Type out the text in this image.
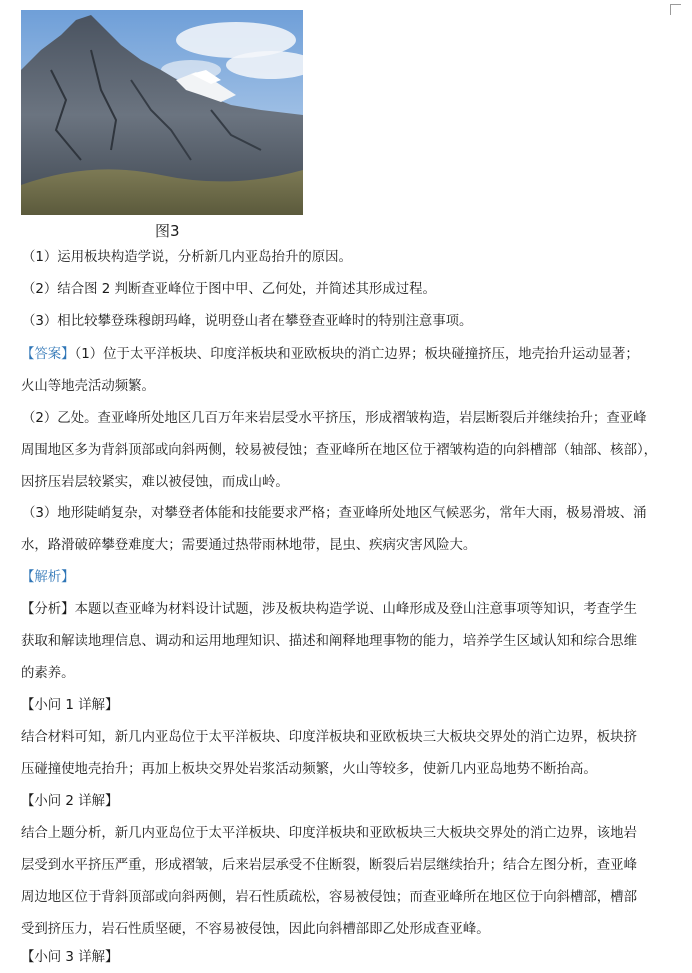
图3
（1）运用板块构造学说，分析新几内亚岛抬升的原因。
（2）结合图 2 判断查亚峰位于图中甲、乙何处，并简述其形成过程。
（3）相比较攀登珠穆朗玛峰，说明登山者在攀登查亚峰时的特别注意事项。
【答案】（1）位于太平洋板块、印度洋板块和亚欧板块的消亡边界；板块碰撞挤压，地壳抬升运动显著；
火山等地壳活动频繁。
（2）乙处。查亚峰所处地区几百万年来岩层受水平挤压，形成褶皱构造，岩层断裂后并继续抬升；查亚峰
周围地区多为背斜顶部或向斜两侧，较易被侵蚀；查亚峰所在地区位于褶皱构造的向斜槽部（轴部、核部），
因挤压岩层较紧实，难以被侵蚀，而成山岭。
（3）地形陡峭复杂，对攀登者体能和技能要求严格；查亚峰所处地区气候恶劣，常年大雨，极易滑坡、涌
水，路滑破碎攀登难度大；需要通过热带雨林地带，昆虫、疾病灾害风险大。
【解析】
【分析】本题以查亚峰为材料设计试题，涉及板块构造学说、山峰形成及登山注意事项等知识，考查学生
获取和解读地理信息、调动和运用地理知识、描述和阐释地理事物的能力，培养学生区域认知和综合思维
的素养。
【小问 1 详解】
结合材料可知，新几内亚岛位于太平洋板块、印度洋板块和亚欧板块三大板块交界处的消亡边界，板块挤
压碰撞使地壳抬升；再加上板块交界处岩浆活动频繁，火山等较多，使新几内亚岛地势不断抬高。
【小问 2 详解】
结合上题分析，新几内亚岛位于太平洋板块、印度洋板块和亚欧板块三大板块交界处的消亡边界，该地岩
层受到水平挤压严重，形成褶皱，后来岩层承受不住断裂，断裂后岩层继续抬升；结合左图分析，查亚峰
周边地区位于背斜顶部或向斜两侧，岩石性质疏松，容易被侵蚀；而查亚峰所在地区位于向斜槽部，槽部
受到挤压力，岩石性质坚硬，不容易被侵蚀，因此向斜槽部即乙处形成查亚峰。
【小问 3 详解】
